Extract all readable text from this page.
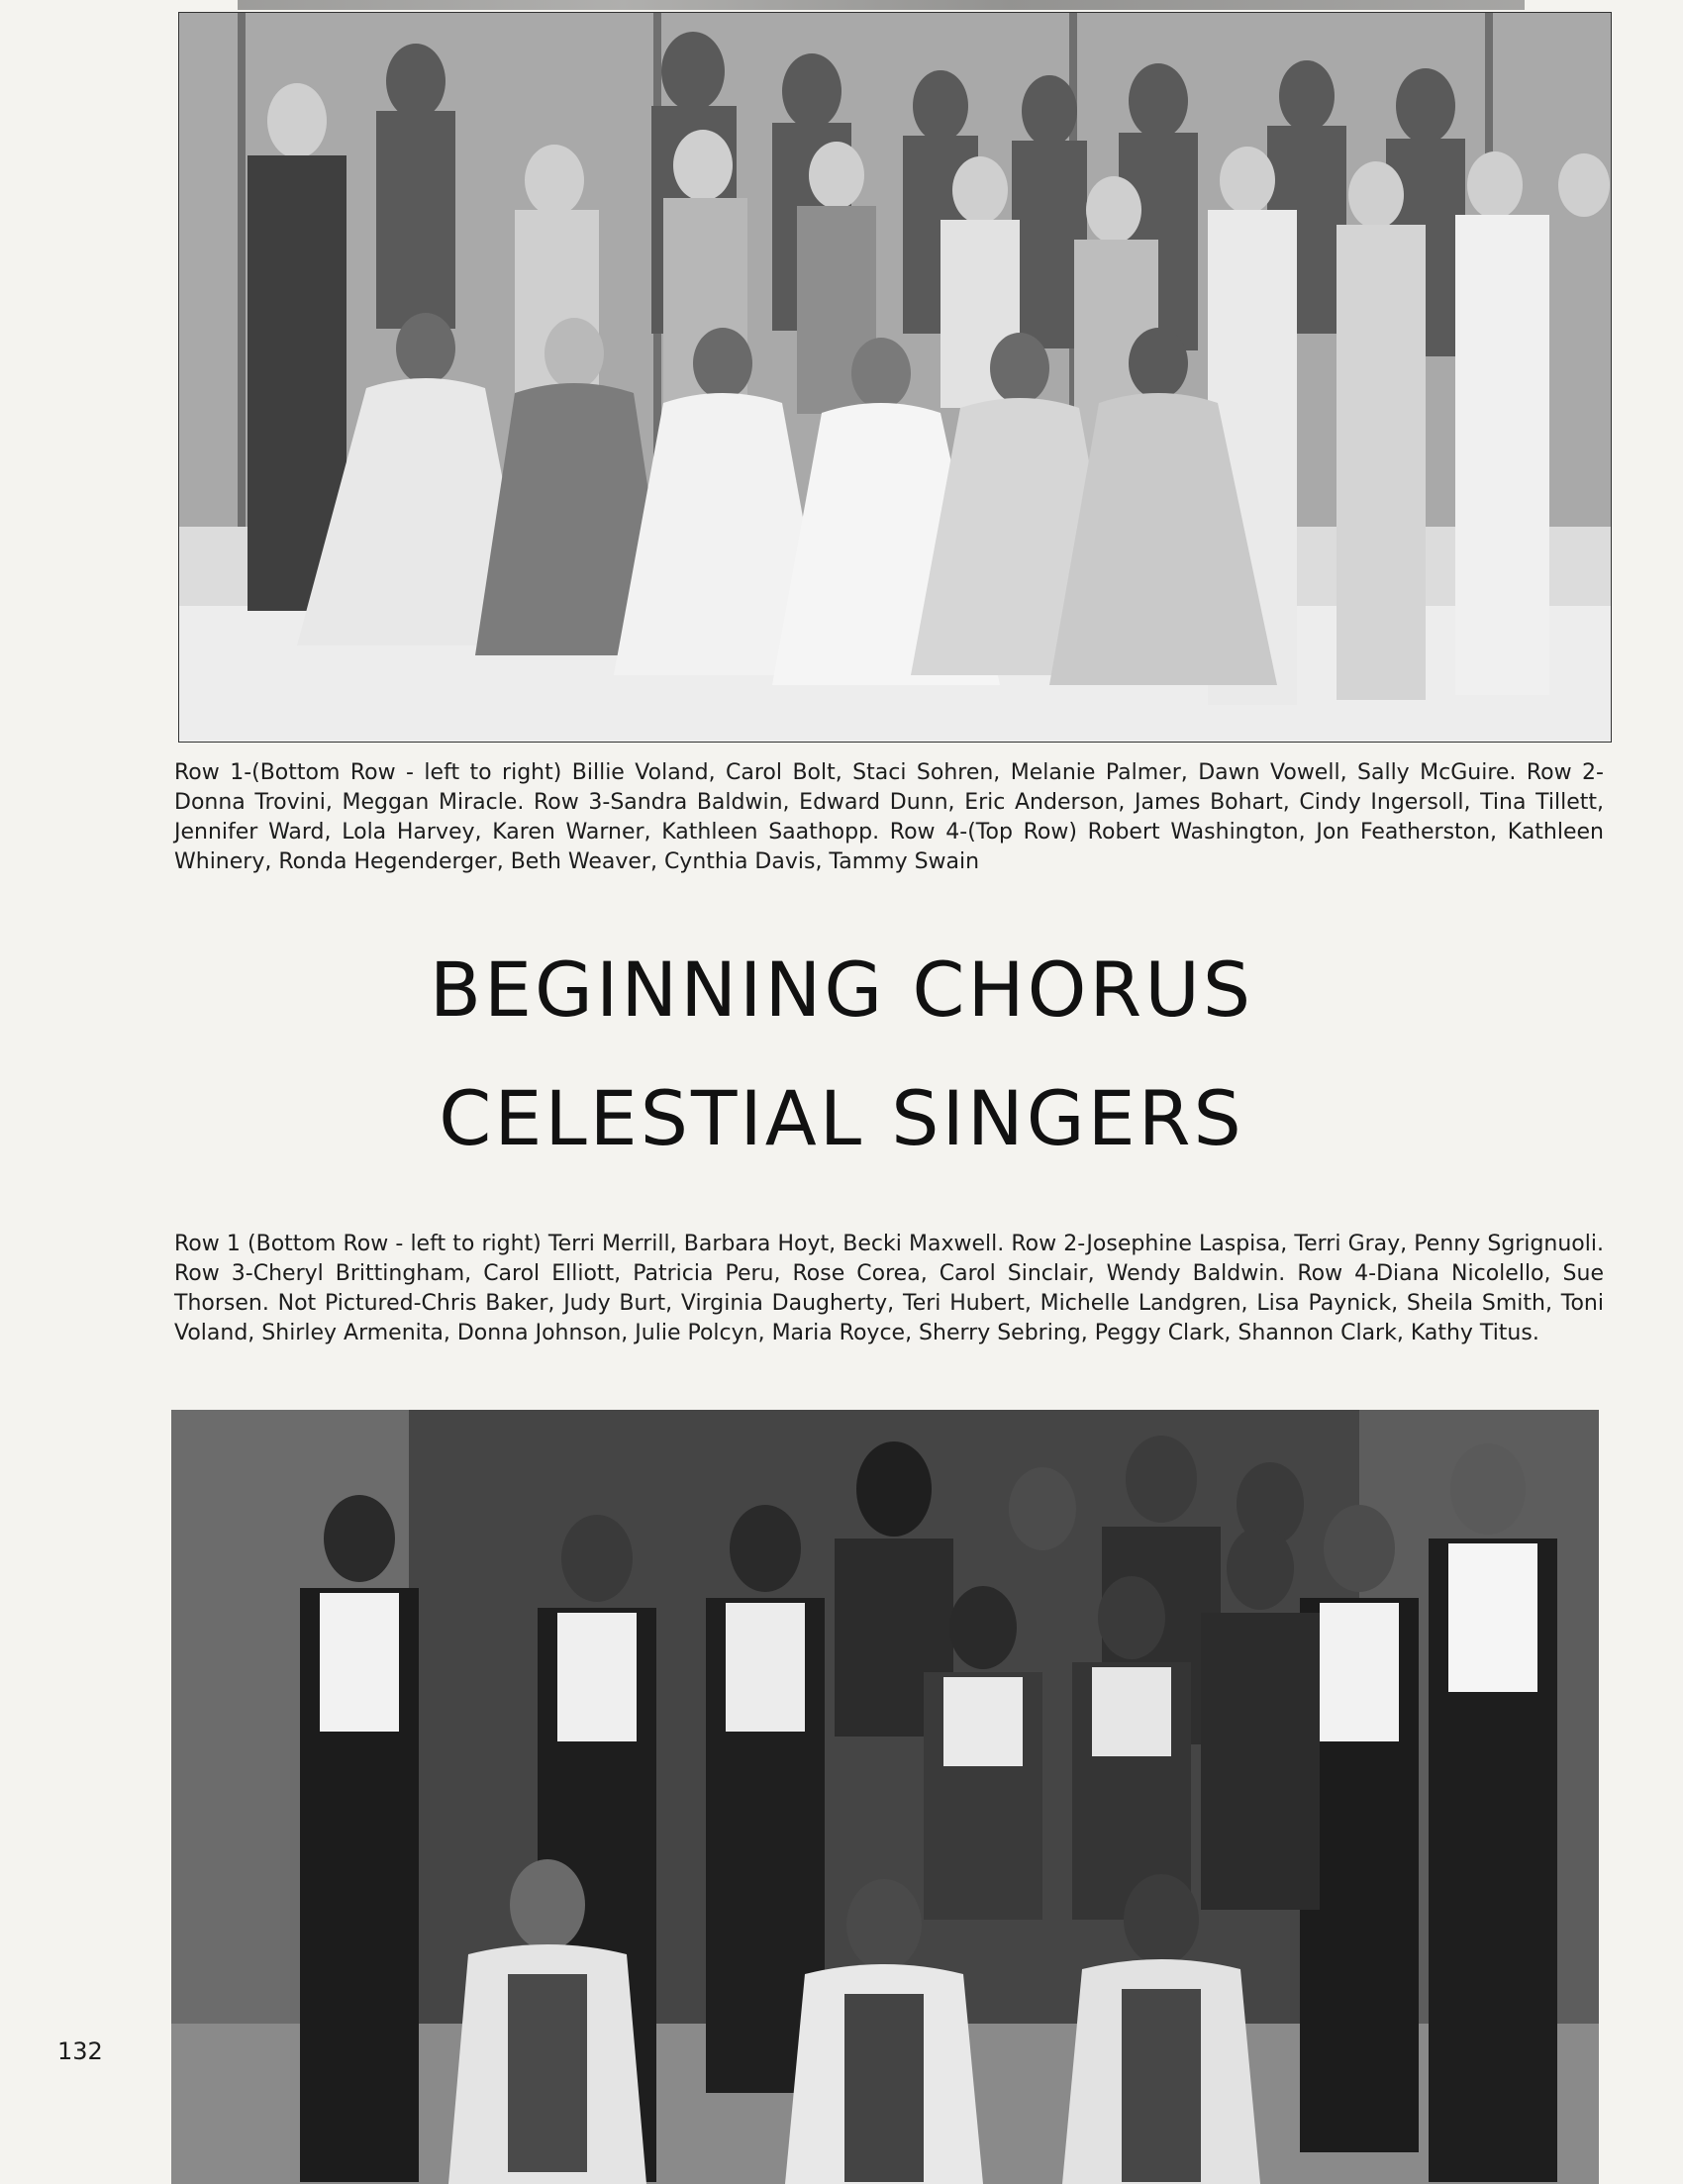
Row 1-(Bottom Row - left to right) Billie Voland, Carol Bolt, Staci Sohren, Melanie Palmer, Dawn Vowell, Sally McGuire. Row 2-Donna Trovini, Meggan Miracle. Row 3-Sandra Baldwin, Edward Dunn, Eric Anderson, James Bohart, Cindy Ingersoll, Tina Tillett, Jennifer Ward, Lola Harvey, Karen Warner, Kathleen Saathopp. Row 4-(Top Row) Robert Washington, Jon Featherston, Kathleen Whinery, Ronda Hegenderger, Beth Weaver, Cynthia Davis, Tammy Swain

BEGINNING CHORUS
CELESTIAL SINGERS

Row 1 (Bottom Row - left to right) Terri Merrill, Barbara Hoyt, Becki Maxwell. Row 2-Josephine Laspisa, Terri Gray, Penny Sgrignuoli. Row 3-Cheryl Brittingham, Carol Elliott, Patricia Peru, Rose Corea, Carol Sinclair, Wendy Baldwin. Row 4-Diana Nicolello, Sue Thorsen. Not Pictured-Chris Baker, Judy Burt, Virginia Daugherty, Teri Hubert, Michelle Landgren, Lisa Paynick, Sheila Smith, Toni Voland, Shirley Armenita, Donna Johnson, Julie Polcyn, Maria Royce, Sherry Sebring, Peggy Clark, Shannon Clark, Kathy Titus.

132
